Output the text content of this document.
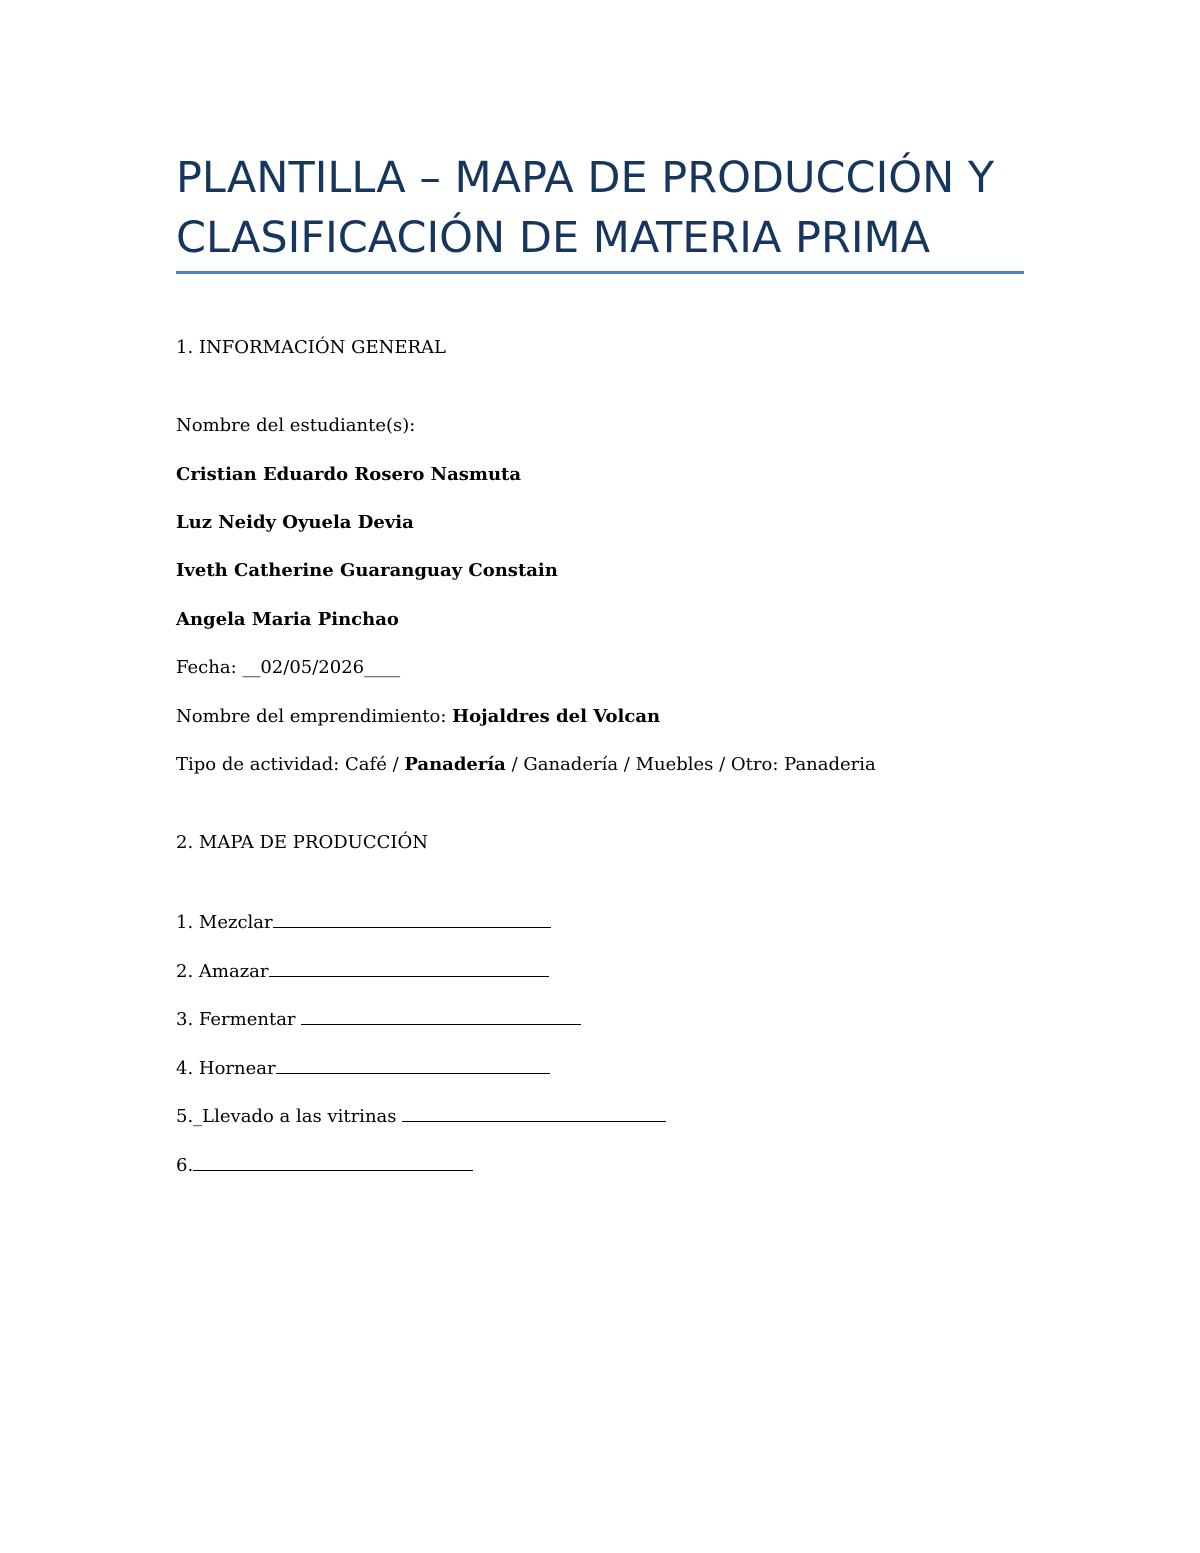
PLANTILLA – MAPA DE PRODUCCIÓN Y
CLASIFICACIÓN DE MATERIA PRIMA
1. INFORMACIÓN GENERAL
Nombre del estudiante(s):
Cristian Eduardo Rosero Nasmuta
Luz Neidy Oyuela Devia
Iveth Catherine Guaranguay Constain
Angela Maria Pinchao
Fecha: __02/05/2026____
Nombre del emprendimiento: Hojaldres del Volcan
Tipo de actividad: Café / Panadería / Ganadería / Muebles / Otro: Panaderia
2. MAPA DE PRODUCCIÓN
1. Mezclar
2. Amazar
3. Fermentar
4. Hornear
5._Llevado a las vitrinas
6.
